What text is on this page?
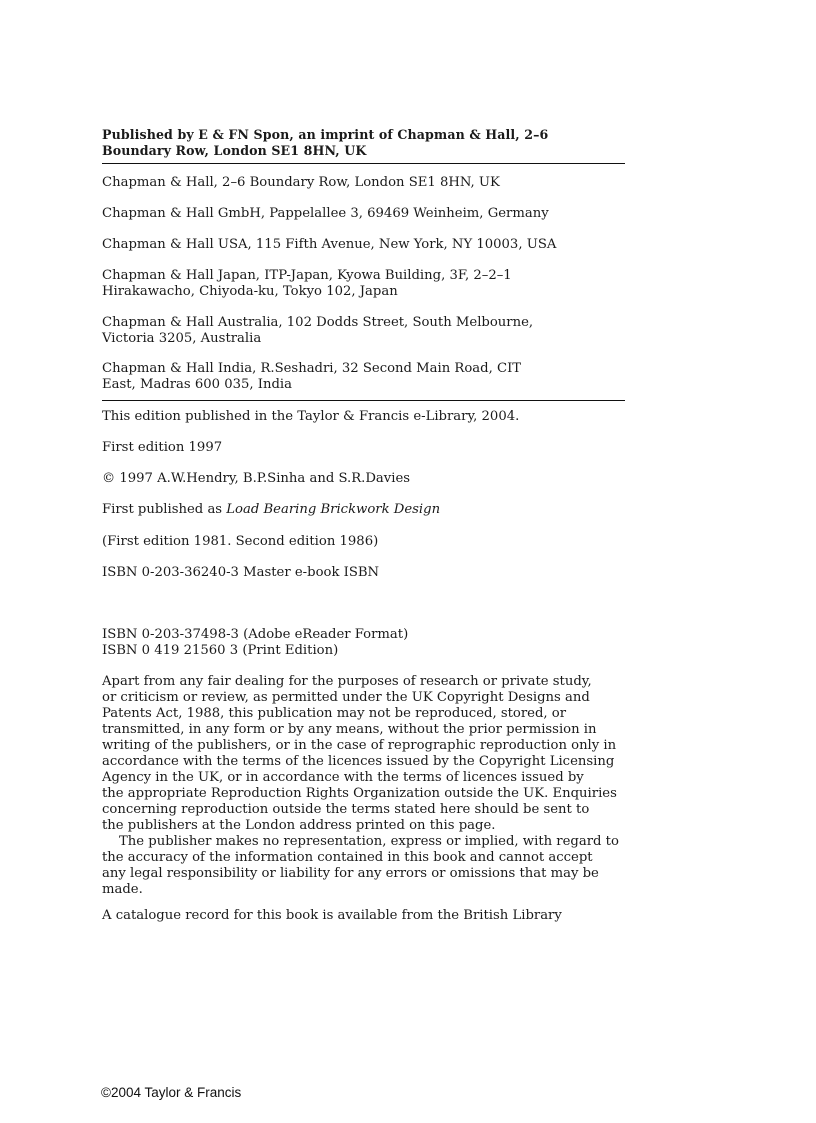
Published by E & FN Spon, an imprint of Chapman & Hall, 2–6
Boundary Row, London SE1 8HN, UK
Chapman & Hall, 2–6 Boundary Row, London SE1 8HN, UK
Chapman & Hall GmbH, Pappelallee 3, 69469 Weinheim, Germany
Chapman & Hall USA, 115 Fifth Avenue, New York, NY 10003, USA
Chapman & Hall Japan, ITP-Japan, Kyowa Building, 3F, 2–2–1
Hirakawacho, Chiyoda-ku, Tokyo 102, Japan
Chapman & Hall Australia, 102 Dodds Street, South Melbourne,
Victoria 3205, Australia
Chapman & Hall India, R.Seshadri, 32 Second Main Road, CIT
East, Madras 600 035, India

This edition published in the Taylor & Francis e-Library, 2004.

First edition 1997

© 1997 A.W.Hendry, B.P.Sinha and S.R.Davies

First published as Load Bearing Brickwork Design

(First edition 1981. Second edition 1986)

ISBN 0-203-36240-3 Master e-book ISBN

ISBN 0-203-37498-3 (Adobe eReader Format)
ISBN 0 419 21560 3 (Print Edition)
Apart from any fair dealing for the purposes of research or private study,
or criticism or review, as permitted under the UK Copyright Designs and
Patents Act, 1988, this publication may not be reproduced, stored, or
transmitted, in any form or by any means, without the prior permission in
writing of the publishers, or in the case of reprographic reproduction only in
accordance with the terms of the licences issued by the Copyright Licensing
Agency in the UK, or in accordance with the terms of licences issued by
the appropriate Reproduction Rights Organization outside the UK. Enquiries
concerning reproduction outside the terms stated here should be sent to
the publishers at the London address printed on this page.
The publisher makes no representation, express or implied, with regard to
the accuracy of the information contained in this book and cannot accept
any legal responsibility or liability for any errors or omissions that may be
made.

A catalogue record for this book is available from the British Library

©2004 Taylor & Francis
